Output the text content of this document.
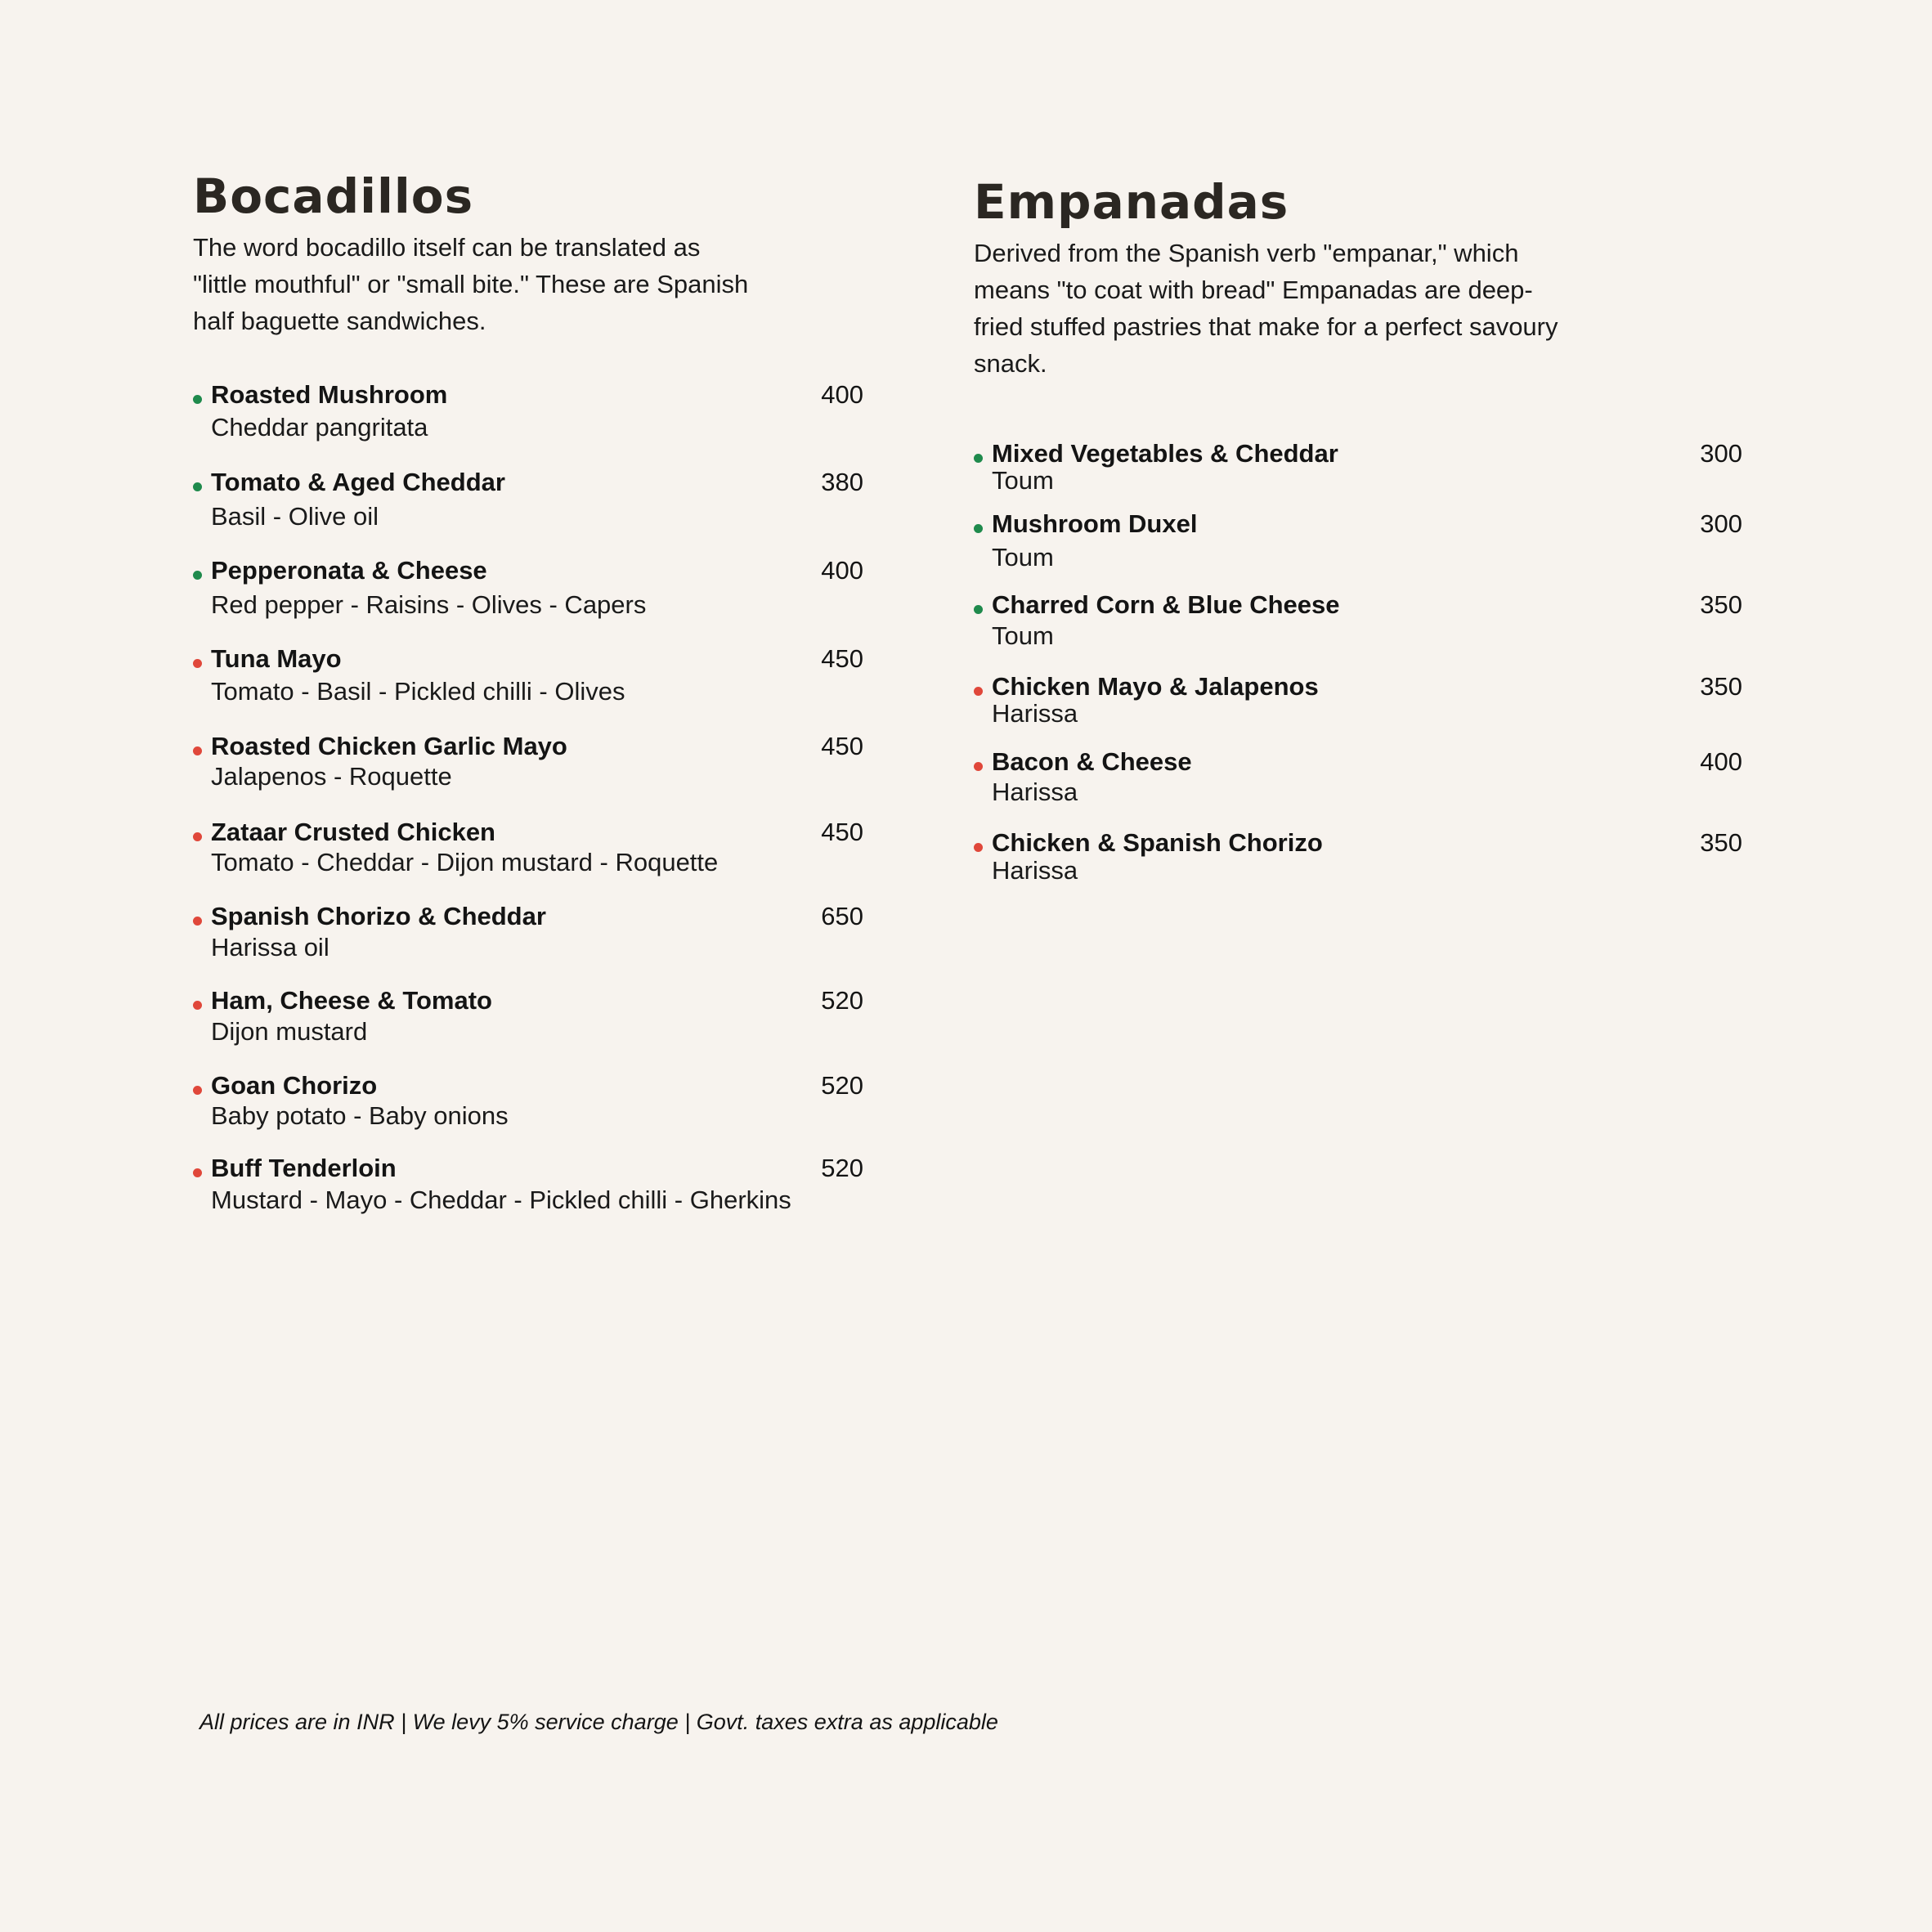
Bocadillos

The word bocadillo itself can be translated as "little mouthful" or "small bite." These are Spanish half baguette sandwiches.

Roasted Mushroom
Cheddar pangritata
400
Tomato & Aged Cheddar
Basil - Olive oil
380
Pepperonata & Cheese
Red pepper - Raisins - Olives - Capers
400
Tuna Mayo
Tomato - Basil - Pickled chilli - Olives
450
Roasted Chicken Garlic Mayo
Jalapenos - Roquette
450
Zataar Crusted Chicken
Tomato - Cheddar - Dijon mustard - Roquette
450
Spanish Chorizo & Cheddar
Harissa oil
650
Ham, Cheese & Tomato
Dijon mustard
520
Goan Chorizo
Baby potato - Baby onions
520
Buff Tenderloin
Mustard - Mayo - Cheddar - Pickled chilli - Gherkins
520
Empanadas

Derived from the Spanish verb "empanar," which means "to coat with bread" Empanadas are deep-fried stuffed pastries that make for a perfect savoury snack.

Mixed Vegetables & Cheddar
Toum
300
Mushroom Duxel
Toum
300
Charred Corn & Blue Cheese
Toum
350
Chicken Mayo & Jalapenos
Harissa
350
Bacon & Cheese
Harissa
400
Chicken & Spanish Chorizo
Harissa
350
All prices are in INR | We levy 5% service charge | Govt. taxes extra as applicable
